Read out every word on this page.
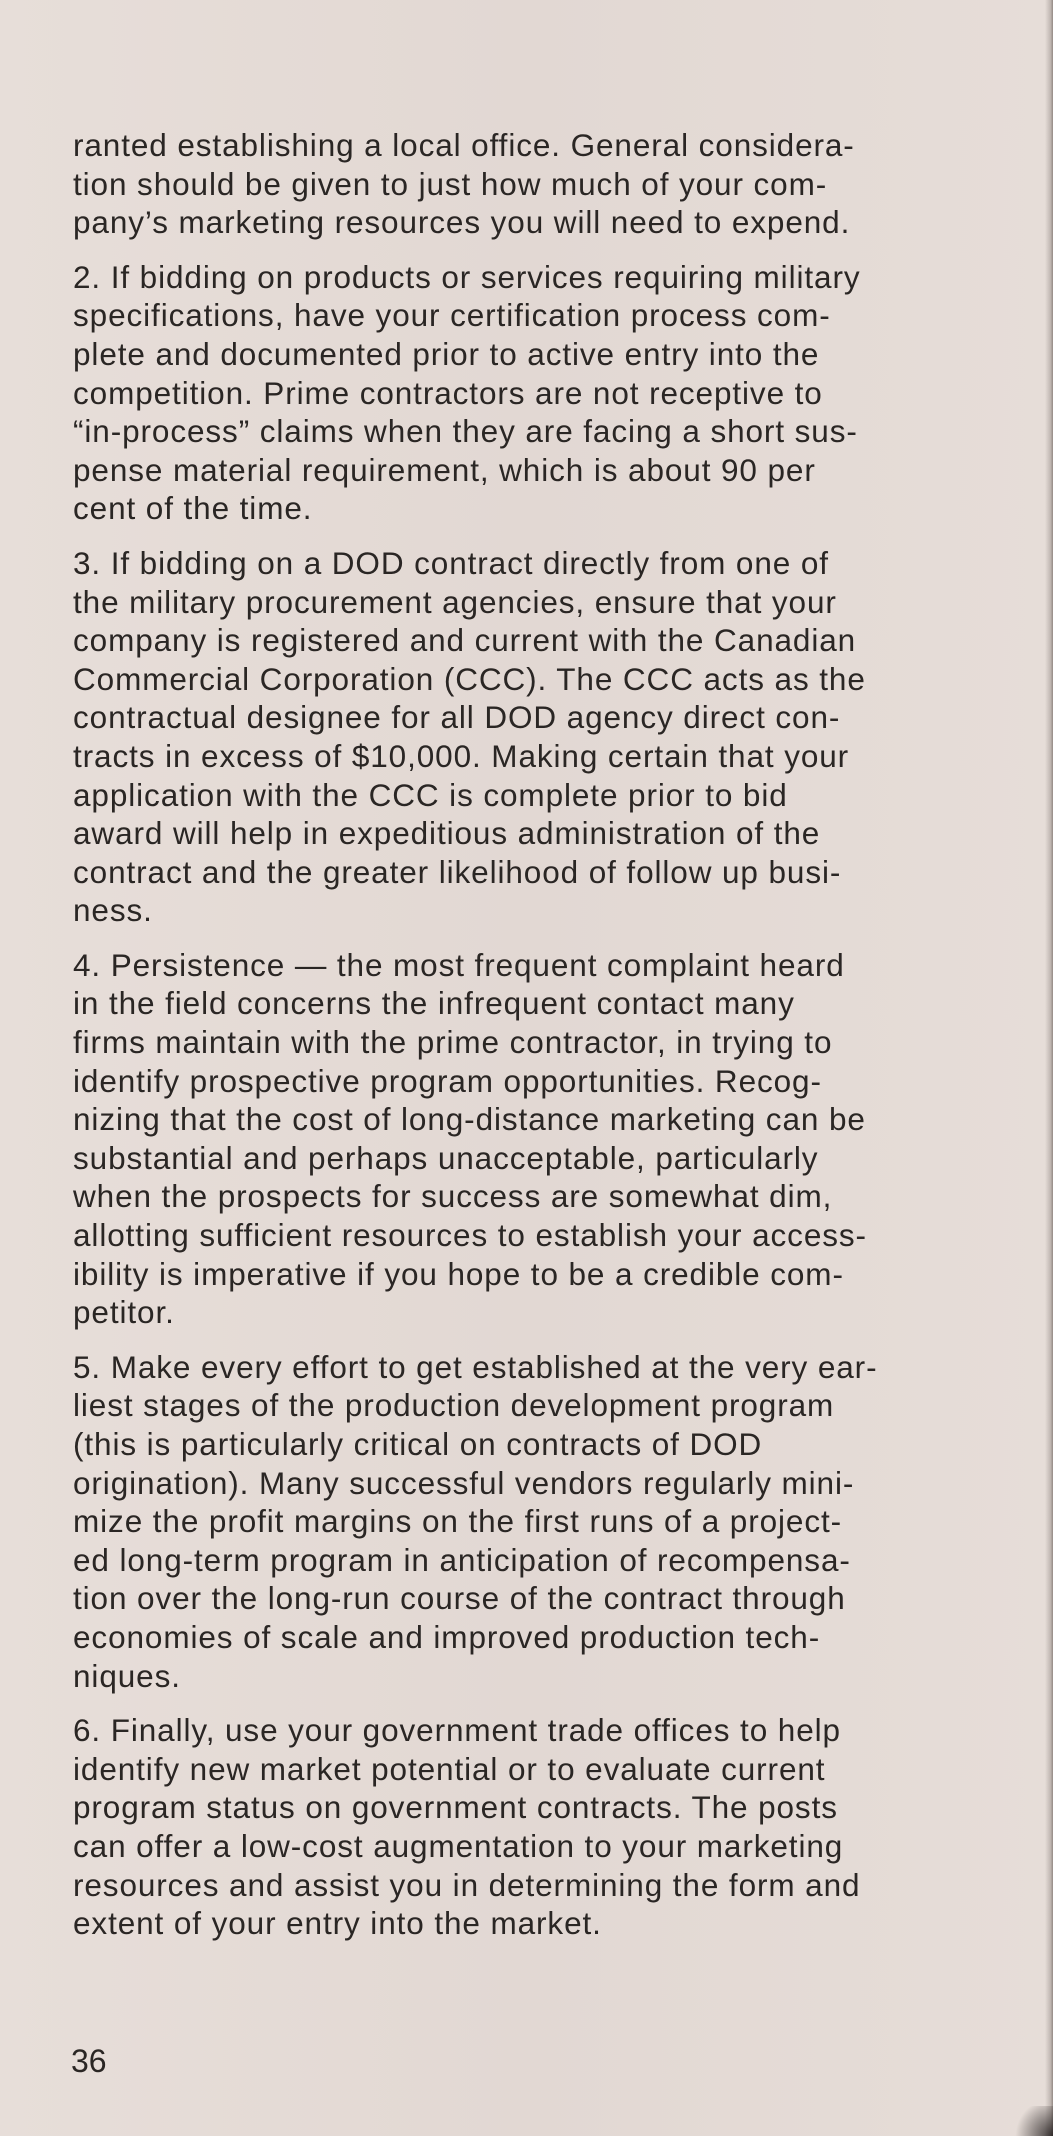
ranted establishing a local office. General considera-
tion should be given to just how much of your com-
pany’s marketing resources you will need to expend.

2. If bidding on products or services requiring military
specifications, have your certification process com-
plete and documented prior to active entry into the
competition. Prime contractors are not receptive to
“in-process” claims when they are facing a short sus-
pense material requirement, which is about 90 per
cent of the time.

3. If bidding on a DOD contract directly from one of
the military procurement agencies, ensure that your
company is registered and current with the Canadian
Commercial Corporation (CCC). The CCC acts as the
contractual designee for all DOD agency direct con-
tracts in excess of $10,000. Making certain that your
application with the CCC is complete prior to bid
award will help in expeditious administration of the
contract and the greater likelihood of follow up busi-
ness.

4. Persistence — the most frequent complaint heard
in the field concerns the infrequent contact many
firms maintain with the prime contractor, in trying to
identify prospective program opportunities. Recog-
nizing that the cost of long-distance marketing can be
substantial and perhaps unacceptable, particularly
when the prospects for success are somewhat dim,
allotting sufficient resources to establish your access-
ibility is imperative if you hope to be a credible com-
petitor.

5. Make every effort to get established at the very ear-
liest stages of the production development program
(this is particularly critical on contracts of DOD
origination). Many successful vendors regularly mini-
mize the profit margins on the first runs of a project-
ed long-term program in anticipation of recompensa-
tion over the long-run course of the contract through
economies of scale and improved production tech-
niques.

6. Finally, use your government trade offices to help
identify new market potential or to evaluate current
program status on government contracts. The posts
can offer a low-cost augmentation to your marketing
resources and assist you in determining the form and
extent of your entry into the market.

36
